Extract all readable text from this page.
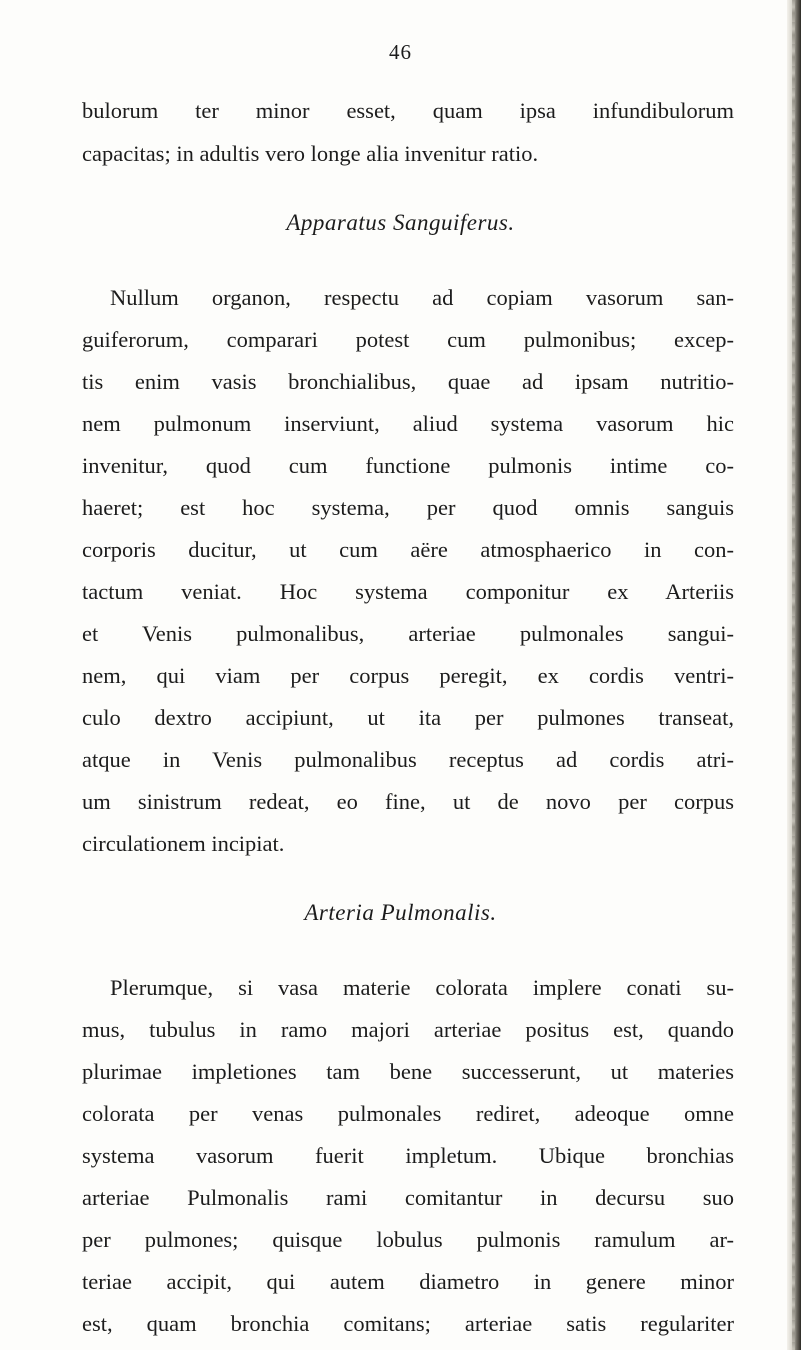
46
bulorum ter minor esset, quam ipsa infundibulorum
capacitas; in adultis vero longe alia invenitur ratio.
Apparatus Sanguiferus.
Nullum organon, respectu ad copiam vasorum san-
guiferorum, comparari potest cum pulmonibus; excep-
tis enim vasis bronchialibus, quae ad ipsam nutritio-
nem pulmonum inserviunt, aliud systema vasorum hic
invenitur, quod cum functione pulmonis intime co-
haeret; est hoc systema, per quod omnis sanguis
corporis ducitur, ut cum aëre atmosphaerico in con-
tactum veniat. Hoc systema componitur ex Arteriis
et Venis pulmonalibus, arteriae pulmonales sangui-
nem, qui viam per corpus peregit, ex cordis ventri-
culo dextro accipiunt, ut ita per pulmones transeat,
atque in Venis pulmonalibus receptus ad cordis atri-
um sinistrum redeat, eo fine, ut de novo per corpus
circulationem incipiat.
Arteria Pulmonalis.
Plerumque, si vasa materie colorata implere conati su-
mus, tubulus in ramo majori arteriae positus est, quando
plurimae impletiones tam bene successerunt, ut materies
colorata per venas pulmonales rediret, adeoque omne
systema vasorum fuerit impletum. Ubique bronchias
arteriae Pulmonalis rami comitantur in decursu suo
per pulmones; quisque lobulus pulmonis ramulum ar-
teriae accipit, qui autem diametro in genere minor
est, quam bronchia comitans; arteriae satis regulariter
